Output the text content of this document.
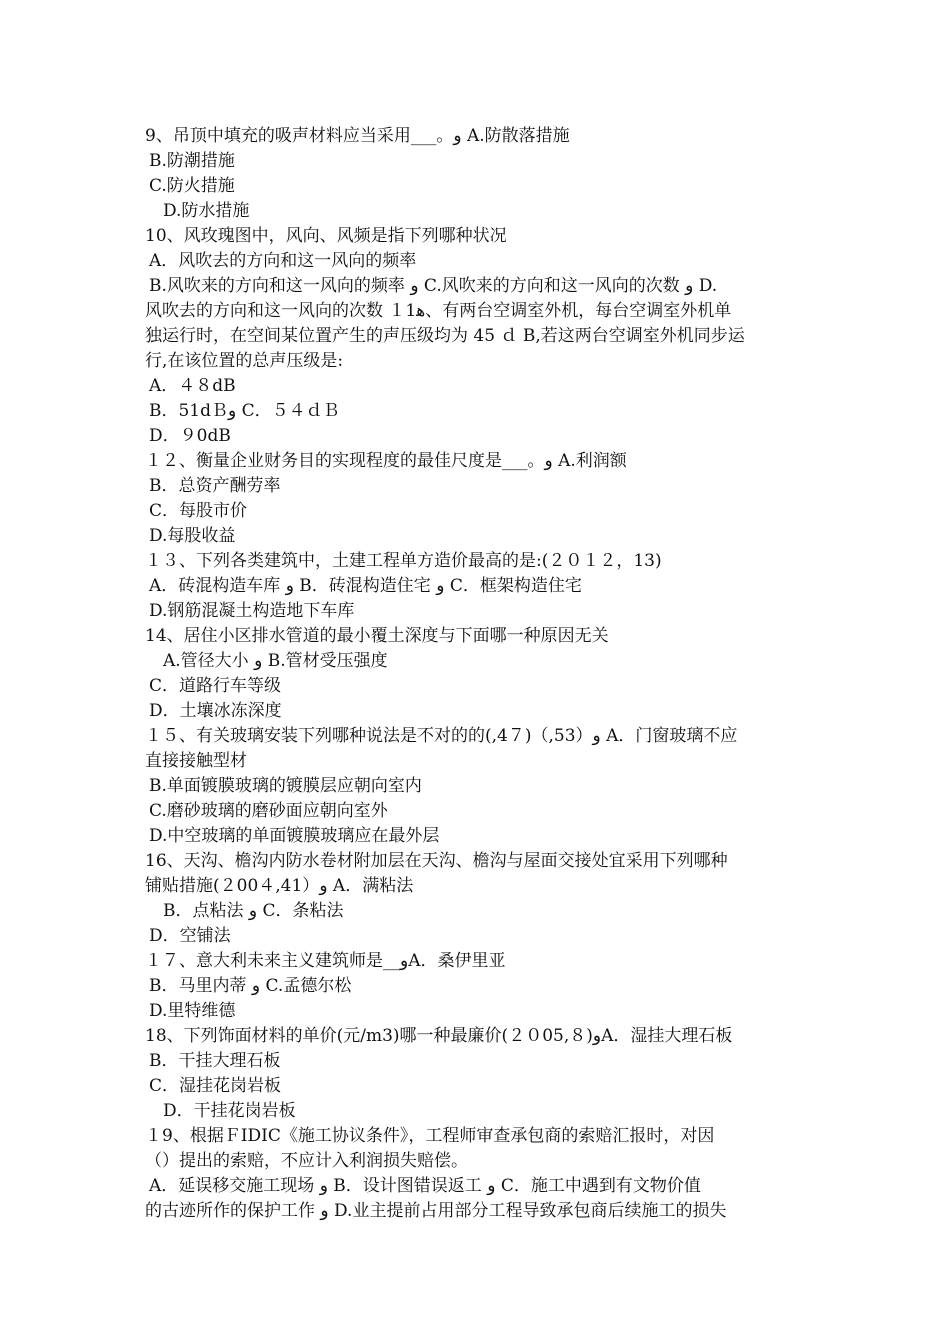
9、吊顶中填充的吸声材料应当采用___。‎و A.防散落措施
B.防潮措施
C.防火措施
D.防水措施
10、风玫瑰图中，风向、风频是指下列哪种状况
A．风吹去的方向和这一风向的频率
B.风吹来的方向和这一风向的频率 و C.风吹来的方向和这一风向的次数 و D.
风吹去的方向和这一风向的次数 １1ﻫ、有两台空调室外机，每台空调室外机单
独运行时，在空间某位置产生的声压级均为 45 ｄ B,若这两台空调室外机同步运
行,在该位置的总声压级是:
A．４８dB
B．51dＢو C．５４ｄＢ
D．９0dB
１２、衡量企业财务目的实现程度的最佳尺度是___。و A.利润额
B．总资产酬劳率
C．每股市价
D.每股收益
１３、下列各类建筑中，土建工程单方造价最高的是:(２０１２，13)
A．砖混构造车库 و B．砖混构造住宅 و C．框架构造住宅
D.钢筋混凝土构造地下车库
14、居住小区排水管道的最小覆土深度与下面哪一种原因无关
A.管径大小 و B.管材受压强度
C．道路行车等级
D．土壤冰冻深度
１５、有关玻璃安装下列哪种说法是不对的的(,4７)（,53）و A．门窗玻璃不应
直接接触型材
B.单面镀膜玻璃的镀膜层应朝向室内
C.磨砂玻璃的磨砂面应朝向室外
D.中空玻璃的单面镀膜玻璃应在最外层
16、天沟、檐沟内防水卷材附加层在天沟、檐沟与屋面交接处宜采用下列哪种
铺贴措施(２00４,41）و A．满粘法
B．点粘法 و C．条粘法
D．空铺法
１７、意大利未来主义建筑师是__وA．桑伊里亚
B．马里内蒂 و C.孟德尔松
D.里特维德
18、下列饰面材料的单价(元/m3)哪一种最廉价(２０05,８)وA．湿挂大理石板
B．干挂大理石板
C．湿挂花岗岩板
D．干挂花岗岩板
１9、根据ＦIDIC《施工协议条件》，工程师审查承包商的索赔汇报时，对因
（）提出的索赔，不应计入利润损失赔偿。
A．延误移交施工现场 و B．设计图错误返工 و C．施工中遇到有文物价值
的古迹所作的保护工作 و D.业主提前占用部分工程导致承包商后续施工的损失
